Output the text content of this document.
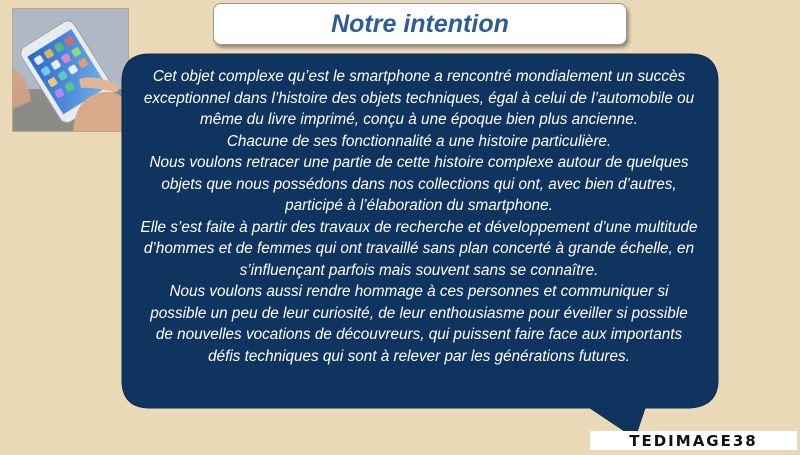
Notre intention

Cet objet complexe qu’est le smartphone a rencontré mondialement un succès exceptionnel dans l’histoire des objets techniques, égal à celui de l’automobile ou même du livre imprimé, conçu à une époque bien plus ancienne.

Chacune de ses fonctionnalité a une histoire particulière.

Nous voulons retracer une partie de cette histoire complexe autour de quelques objets que nous possédons dans nos collections qui ont, avec bien d’autres, participé à l’élaboration du smartphone.

Elle s’est faite à partir des travaux de recherche et développement d’une multitude d’hommes et de femmes qui ont travaillé sans plan concerté à grande échelle, en s’influençant parfois mais souvent sans se connaître.

Nous voulons aussi rendre hommage à ces personnes et communiquer si possible un peu de leur curiosité, de leur enthousiasme pour éveiller si possible de nouvelles vocations de découvreurs, qui puissent faire face aux importants défis techniques qui sont à relever par les générations futures.

TEDIMAGE38
